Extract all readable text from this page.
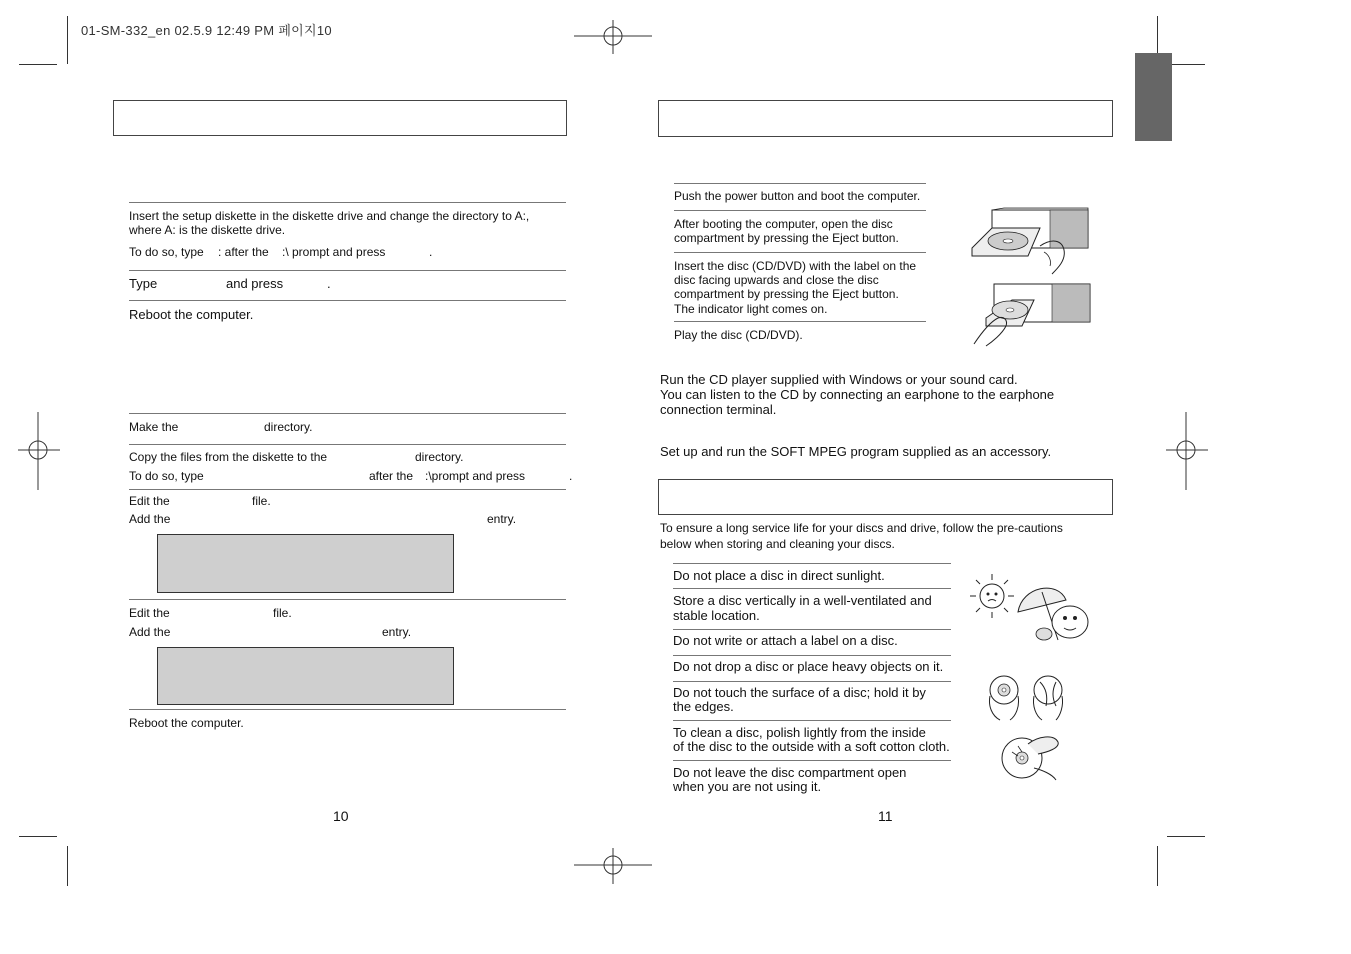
01-SM-332_en 02.5.9 12:49 PM 페이지10
Insert the setup diskette in the diskette drive and change the directory to A:,
where A: is the diskette drive.
To do so, type : after the :\ prompt and press	.
Type	and press	.
Reboot the computer.
Make the	directory.
Copy the files from the diskette to the	directory.
To do so, type	after the :\prompt and press	.
Edit the	file.
Add the	entry.
Edit the	file.
Add the	entry.
Reboot the computer.
10
Push the power button and boot the computer.
After booting the computer, open the disc
compartment by pressing the Eject button.
Insert the disc (CD/DVD) with the label on the
disc facing upwards and close the disc
compartment by pressing the Eject button.
The indicator light comes on.
Play the disc (CD/DVD).
Run the CD player supplied with Windows or your sound card.
You can listen to the CD by connecting an earphone to the earphone
connection terminal.
Set up and run the SOFT MPEG program supplied as an accessory.
To ensure a long service life for your discs and drive, follow the pre-cautions
below when storing and cleaning your discs.
Do not place a disc in direct sunlight.
Store a disc vertically in a well-ventilated and
stable location.
Do not write or attach a label on a disc.
Do not drop a disc or place heavy objects on it.
Do not touch the surface of a disc; hold it by
the edges.
To clean a disc, polish lightly from the inside
of the disc to the outside with a soft cotton cloth.
Do not leave the disc compartment open
when you are not using it.
11
